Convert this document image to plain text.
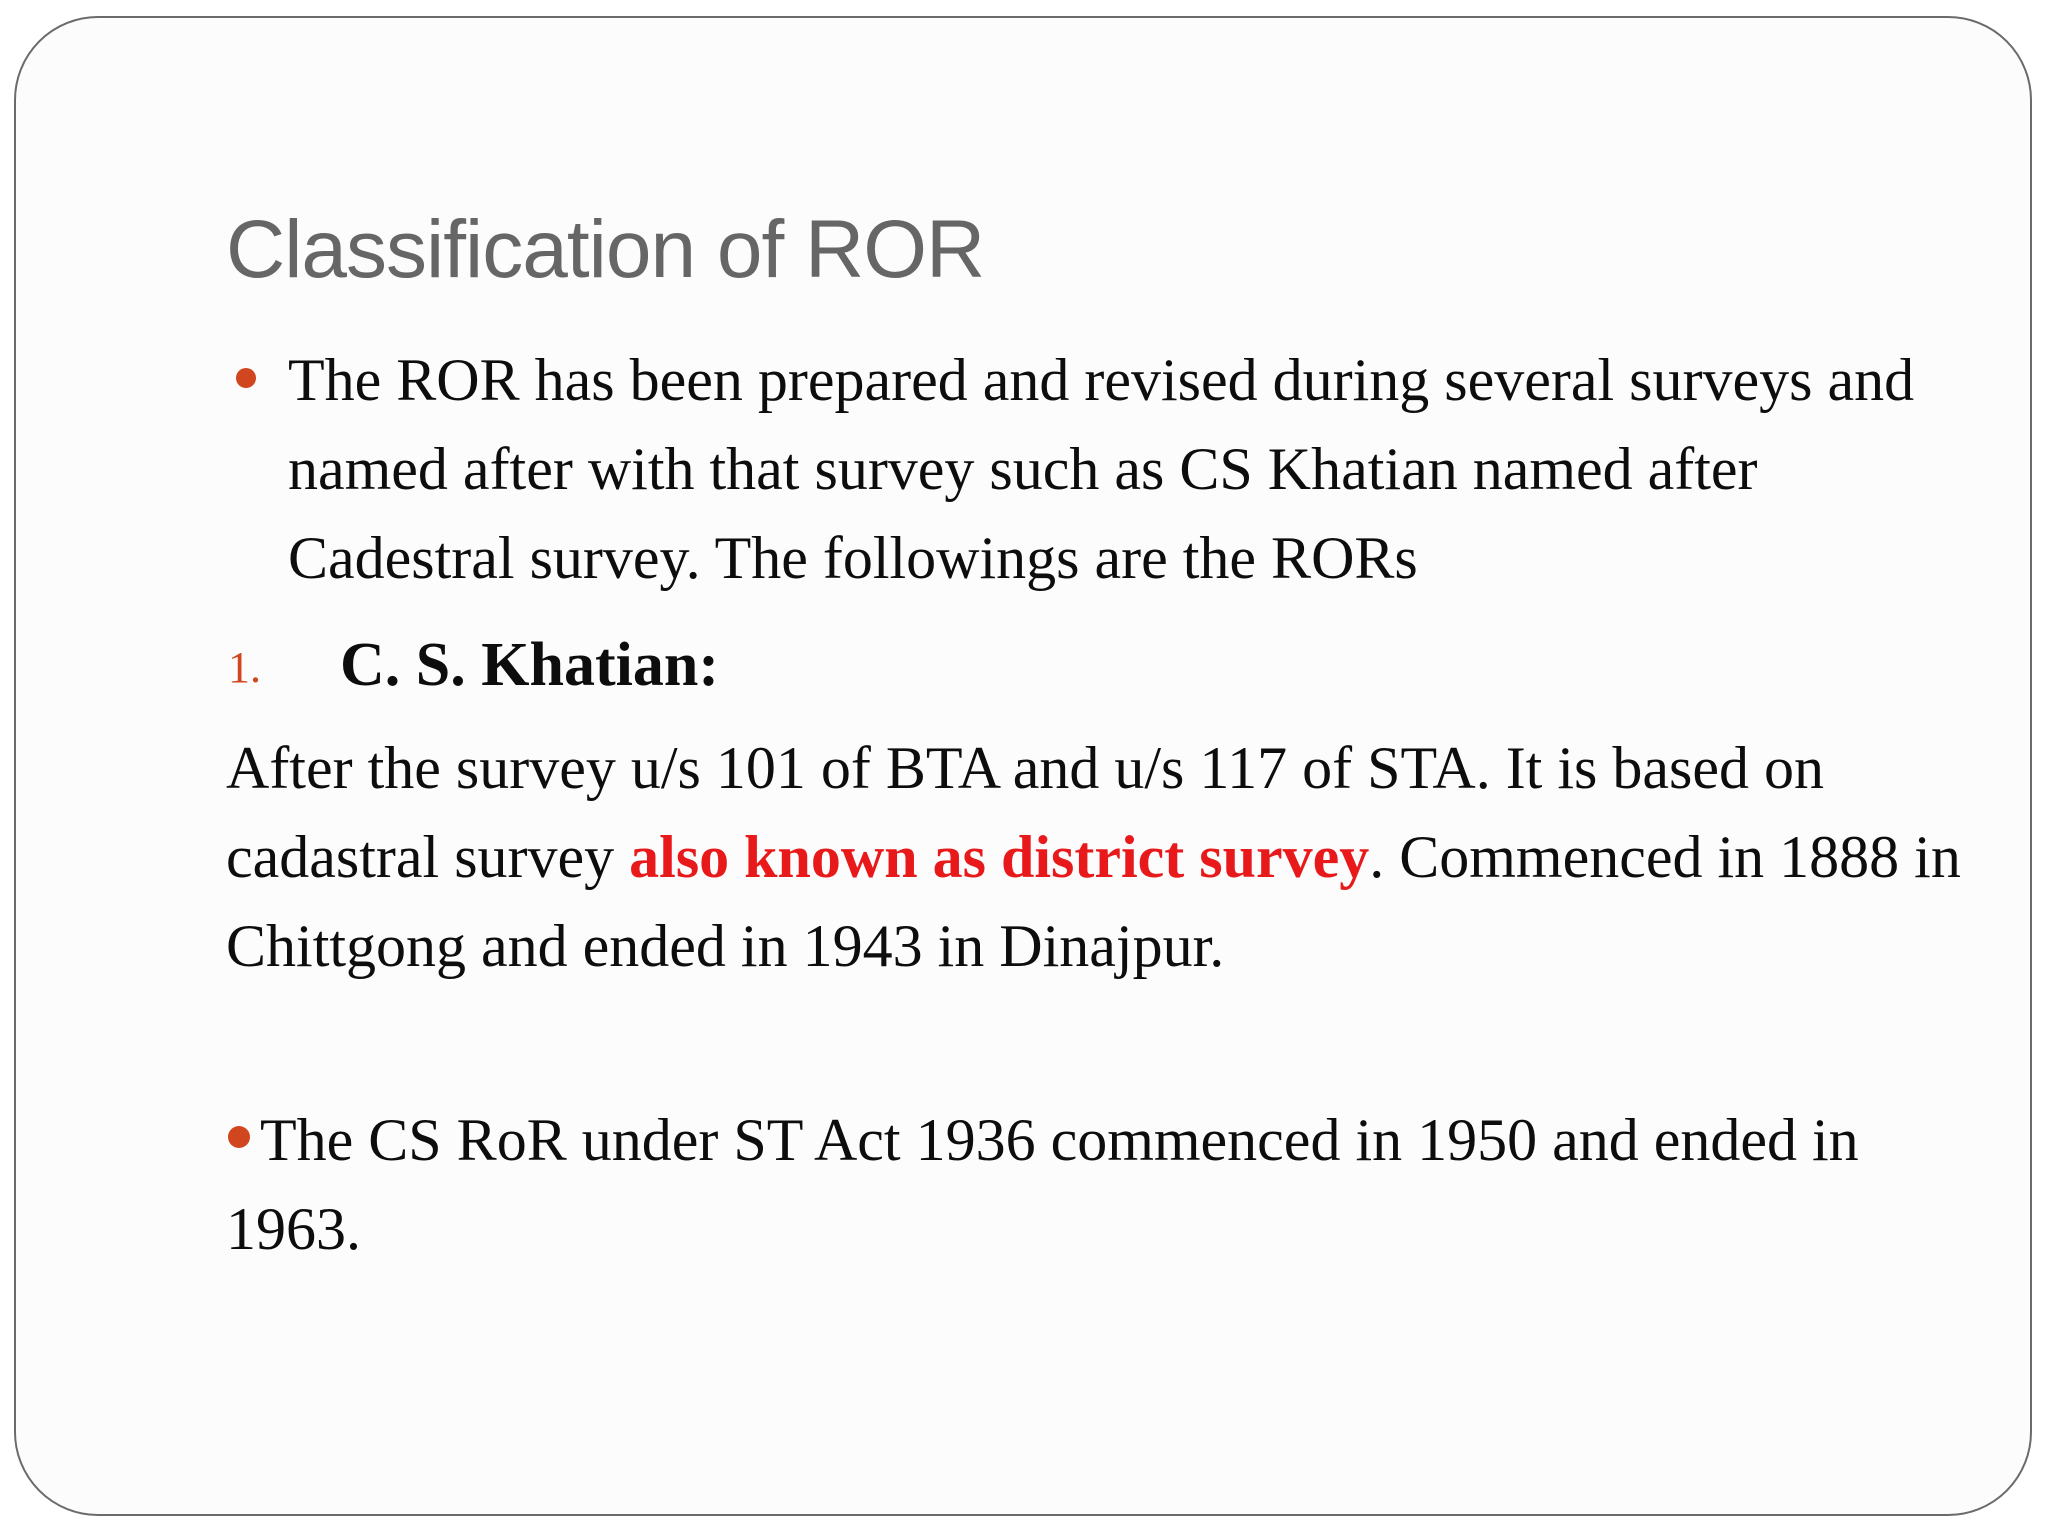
Classification of ROR

The ROR has been prepared and revised during several surveys and named after with that survey such as CS Khatian named after Cadestral survey. The followings are the RORs

1. C. S. Khatian:

After the survey u/s 101 of BTA and u/s 117 of STA. It is based on cadastral survey also known as district survey. Commenced in 1888 in Chittgong and ended in 1943 in Dinajpur.

The CS RoR under ST Act 1936 commenced in 1950 and ended in 1963.
